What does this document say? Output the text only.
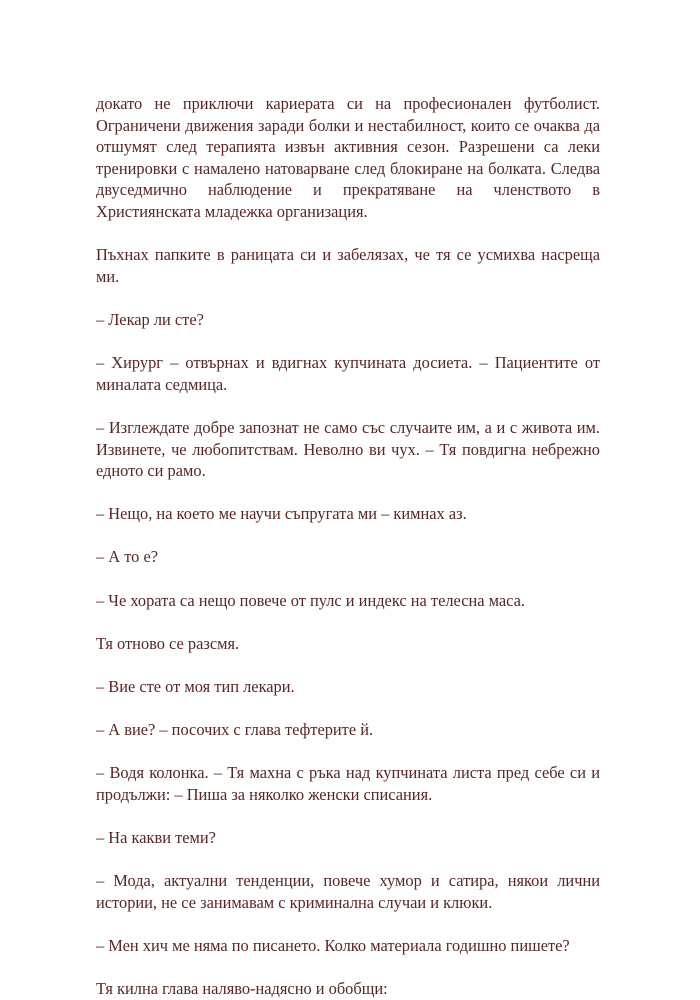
докато не приключи кариерата си на професионален футболист. Ограничени движения заради болки и нестабилност, които се очаква да отшумят след терапията извън активния сезон. Разрешени са леки тренировки с намалено натоварване след блокиране на болката. Следва двуседмично наблюдение и прекратяване на членството в Християнската младежка организация.

Пъхнах папките в раницата си и забелязах, че тя се усмихва насреща ми.

– Лекар ли сте?

– Хирург – отвърнах и вдигнах купчината досиета. – Пациентите от миналата седмица.

– Изглеждате добре запознат не само със случаите им, а и с живота им. Извинете, че любопитствам. Неволно ви чух. – Тя повдигна небрежно едното си рамо.

– Нещо, на което ме научи съпругата ми – кимнах аз.

– А то е?

– Че хората са нещо повече от пулс и индекс на телесна маса.

Тя отново се разсмя.

– Вие сте от моя тип лекари.

– А вие? – посочих с глава тефтерите й.

– Водя колонка. – Тя махна с ръка над купчината листа пред себе си и продължи: – Пиша за няколко женски списания.

– На какви теми?

– Мода, актуални тенденции, повече хумор и сатира, някои лични истории, не се занимавам с криминална случаи и клюки.

– Мен хич ме няма по писането. Колко материала годишно пишете?

Тя килна глава наляво-надясно и обобщи:
